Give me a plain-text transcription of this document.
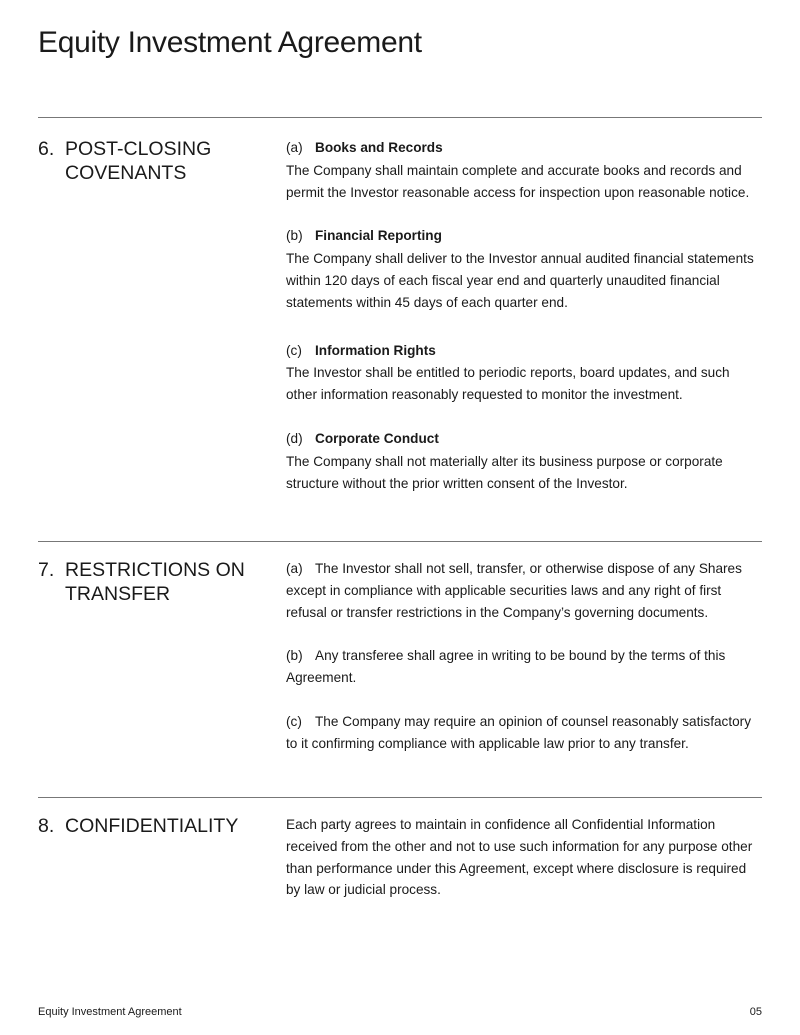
Equity Investment Agreement
6. POST-CLOSING COVENANTS
(a) Books and Records

The Company shall maintain complete and accurate books and records and permit the Investor reasonable access for inspection upon reasonable notice.

(b) Financial Reporting

The Company shall deliver to the Investor annual audited financial statements within 120 days of each fiscal year end and quarterly unaudited financial statements within 45 days of each quarter end.

(c) Information Rights

The Investor shall be entitled to periodic reports, board updates, and such other information reasonably requested to monitor the investment.

(d) Corporate Conduct

The Company shall not materially alter its business purpose or corporate structure without the prior written consent of the Investor.

7. RESTRICTIONS ON TRANSFER

(a) The Investor shall not sell, transfer, or otherwise dispose of any Shares except in compliance with applicable securities laws and any right of first refusal or transfer restrictions in the Company’s governing documents.

(b) Any transferee shall agree in writing to be bound by the terms of this Agreement.

(c) The Company may require an opinion of counsel reasonably satisfactory to it confirming compliance with applicable law prior to any transfer.

8. CONFIDENTIALITY	Each party agrees to maintain in confidence all Confidential Information received from the other and not to use such information for any purpose other than performance under this Agreement, except where disclosure is required by law or judicial process.

Equity Investment Agreement	05
